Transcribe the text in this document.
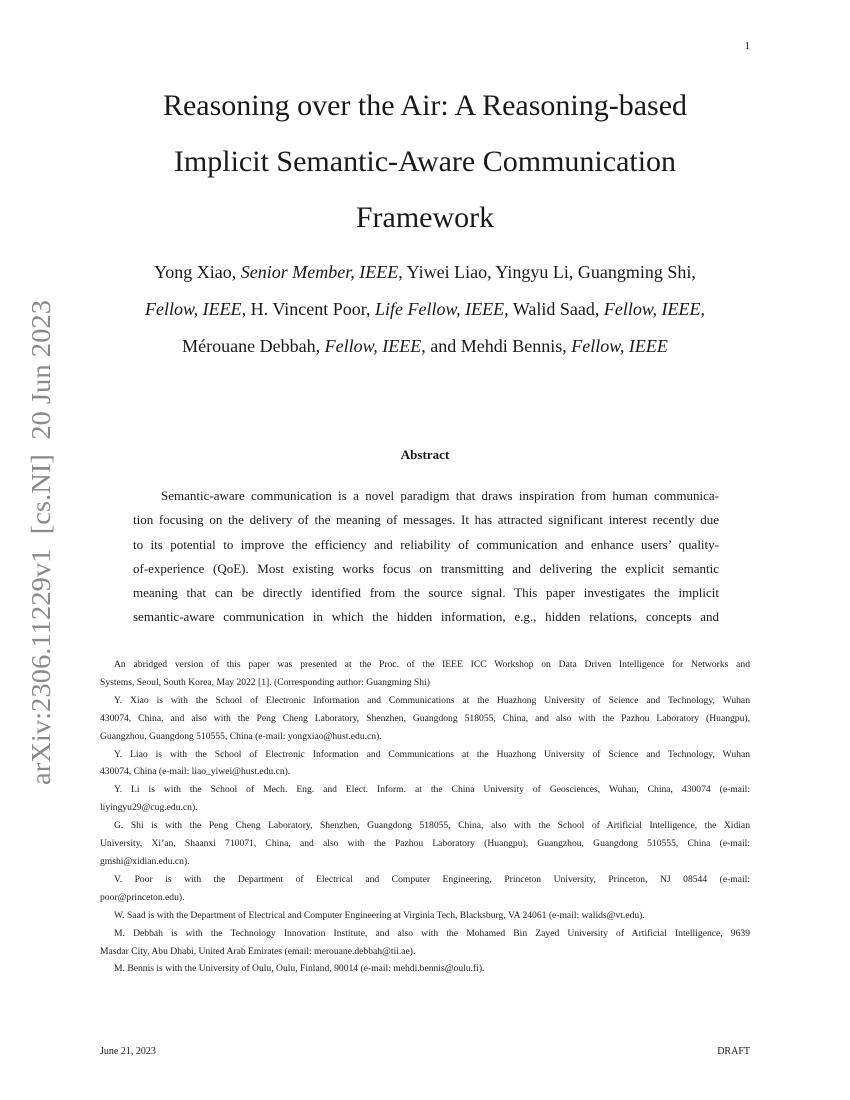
1
arXiv:2306.11229v1  [cs.NI]  20 Jun 2023
Reasoning over the Air: A Reasoning-based
Implicit Semantic-Aware Communication
Framework

Yong Xiao, Senior Member, IEEE, Yiwei Liao, Yingyu Li, Guangming Shi,
Fellow, IEEE, H. Vincent Poor, Life Fellow, IEEE, Walid Saad, Fellow, IEEE,
Mérouane Debbah, Fellow, IEEE, and Mehdi Bennis, Fellow, IEEE

Abstract

Semantic-aware communication is a novel paradigm that draws inspiration from human communica-
tion focusing on the delivery of the meaning of messages. It has attracted significant interest recently due
to its potential to improve the efficiency and reliability of communication and enhance users’ quality-
of-experience (QoE). Most existing works focus on transmitting and delivering the explicit semantic
meaning that can be directly identified from the source signal. This paper investigates the implicit
semantic-aware communication in which the hidden information, e.g., hidden relations, concepts and

An abridged version of this paper was presented at the Proc. of the IEEE ICC Workshop on Data Driven Intelligence for Networks and
Systems, Seoul, South Korea, May 2022 [1]. (Corresponding author: Guangming Shi)

Y. Xiao is with the School of Electronic Information and Communications at the Huazhong University of Science and Technology, Wuhan
430074, China, and also with the Peng Cheng Laboratory, Shenzhen, Guangdong 518055, China, and also with the Pazhou Laboratory (Huangpu),
Guangzhou, Guangdong 510555, China (e-mail: yongxiao@hust.edu.cn).

Y. Liao is with the School of Electronic Information and Communications at the Huazhong University of Science and Technology, Wuhan
430074, China (e-mail: liao_yiwei@hust.edu.cn).

Y. Li is with the School of Mech. Eng. and Elect. Inform. at the China University of Geosciences, Wuhan, China, 430074 (e-mail:
liyingyu29@cug.edu.cn).

G. Shi is with the Peng Cheng Laboratory, Shenzhen, Guangdong 518055, China, also with the School of Artificial Intelligence, the Xidian
University, Xi’an, Shaanxi 710071, China, and also with the Pazhou Laboratory (Huangpu), Guangzhou, Guangdong 510555, China (e-mail:
gmshi@xidian.edu.cn).

V. Poor is with the Department of Electrical and Computer Engineering, Princeton University, Princeton, NJ 08544 (e-mail:
poor@princeton.edu).

W. Saad is with the Department of Electrical and Computer Engineering at Virginia Tech, Blacksburg, VA 24061 (e-mail: walids@vt.edu).

M. Debbah is with the Technology Innovation Institute, and also with the Mohamed Bin Zayed University of Artificial Intelligence, 9639
Masdar City, Abu Dhabi, United Arab Emirates (email: merouane.debbah@tii.ae).

M. Bennis is with the University of Oulu, Oulu, Finland, 90014 (e-mail: mehdi.bennis@oulu.fi).

June 21, 2023	DRAFT
